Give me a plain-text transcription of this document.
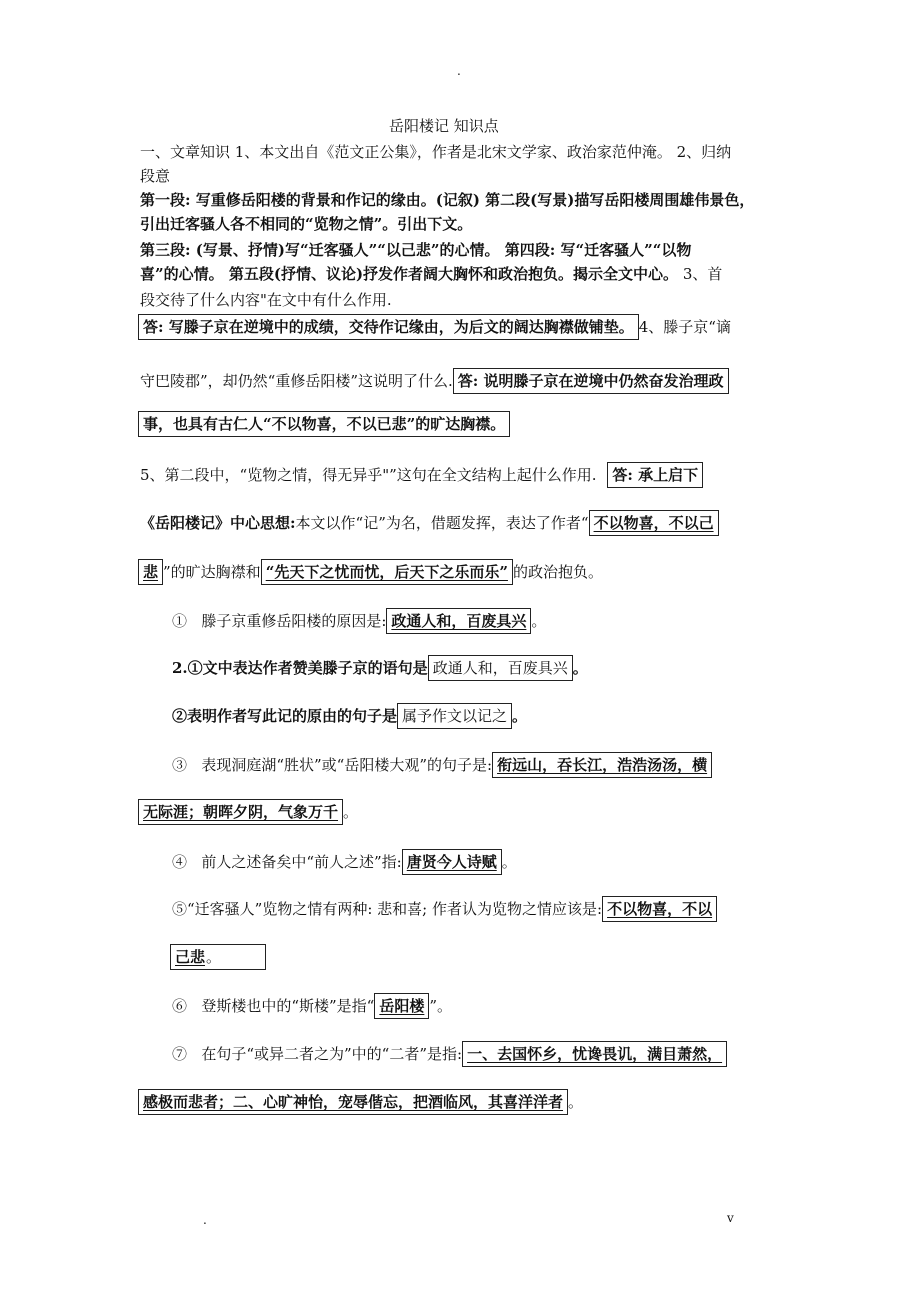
.
岳阳楼记 知识点
一、文章知识 1、本文出自《范文正公集》，作者是北宋文学家、政治家范仲淹。 2、归纳
段意
第一段: 写重修岳阳楼的背景和作记的缘由。(记叙) 第二段(写景)描写岳阳楼周围雄伟景色，
引出迁客骚人各不相同的“览物之情”。引出下文。
第三段: (写景、抒情)写“迁客骚人”“以己悲”的心情。 第四段: 写“迁客骚人”“以物
喜”的心情。 第五段(抒情、议论)抒发作者阔大胸怀和政治抱负。揭示全文中心。 3、首
段交待了什么内容"在文中有什么作用.
答: 写滕子京在逆境中的成绩，交待作记缘由，为后文的阔达胸襟做铺垫。 4、滕子京“谪
守巴陵郡”，却仍然“重修岳阳楼”这说明了什么. 答: 说明滕子京在逆境中仍然奋发治理政
事，也具有古仁人“不以物喜，不以已悲”的旷达胸襟。
5、第二段中，“览物之情，得无异乎"”这句在全文结构上起什么作用. 答: 承上启下
《岳阳楼记》中心思想:本文以作“记”为名，借题发挥，表达了作者“ 不以物喜，不以己
悲 ”的旷达胸襟和 “先天下之忧而忧，后天下之乐而乐” 的政治抱负。
① 滕子京重修岳阳楼的原因是: 政通人和，百废具兴 。
2.①文中表达作者赞美滕子京的语句是 政通人和，百废具兴 。
②表明作者写此记的原由的句子是 属予作文以记之 。
③ 表现洞庭湖“胜状”或“岳阳楼大观”的句子是: 衔远山，吞长江，浩浩汤汤，横
无际涯；朝晖夕阴，气象万千 。
④ 前人之述备矣中“前人之述”指: 唐贤今人诗赋 。
⑤“迁客骚人”览物之情有两种: 悲和喜; 作者认为览物之情应该是: 不以物喜，不以
己悲 。
⑥ 登斯楼也中的“斯楼”是指“ 岳阳楼 ”。
⑦ 在句子“或异二者之为”中的“二者”是指: 一、去国怀乡，忧谗畏讥，满目萧然，
感极而悲者；二、心旷神怡，宠辱偕忘，把酒临风，其喜洋洋者 。
.	v
